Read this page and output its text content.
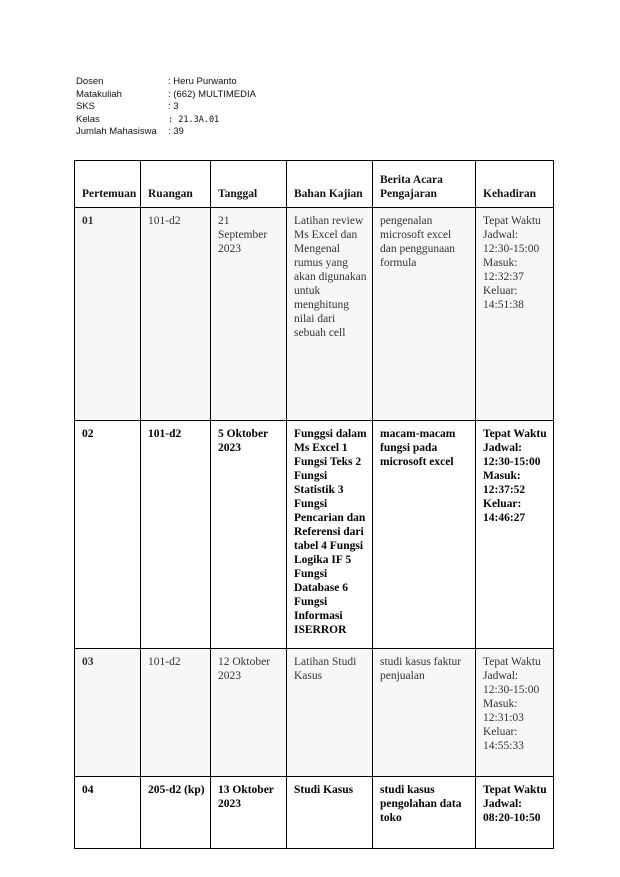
Dosen	: Heru Purwanto
Matakuliah	: (662) MULTIMEDIA
SKS	: 3
Kelas	: 21.3A.01
Jumlah Mahasiswa	: 39
Pertemuan	Ruangan	Tanggal	Bahan Kajian	Berita Acara Pengajaran	Kehadiran
01	101-d2	21 September 2023	Latihan review Ms Excel dan Mengenal rumus yang akan digunakan untuk menghitung nilai dari sebuah cell	pengenalan microsoft excel dan penggunaan formula	Tepat Waktu
Jadwal: 12:30-15:00
Masuk: 12:32:37
Keluar: 14:51:38

02	101-d2	5 Oktober 2023	Funggsi dalam Ms Excel 1 Fungsi Teks 2 Fungsi Statistik 3 Fungsi Pencarian dan Referensi dari tabel 4 Fungsi Logika IF 5 Fungsi Database 6 Fungsi Informasi ISERROR	macam-macam fungsi pada microsoft excel	Tepat Waktu
Jadwal: 12:30-15:00
Masuk: 12:37:52
Keluar: 14:46:27

03	101-d2	12 Oktober 2023	Latihan Studi Kasus	studi kasus faktur penjualan	Tepat Waktu
Jadwal: 12:30-15:00
Masuk: 12:31:03
Keluar: 14:55:33

04	205-d2 (kp)	13 Oktober 2023	Studi Kasus	studi kasus pengolahan data toko	Tepat Waktu
Jadwal: 08:20-10:50
